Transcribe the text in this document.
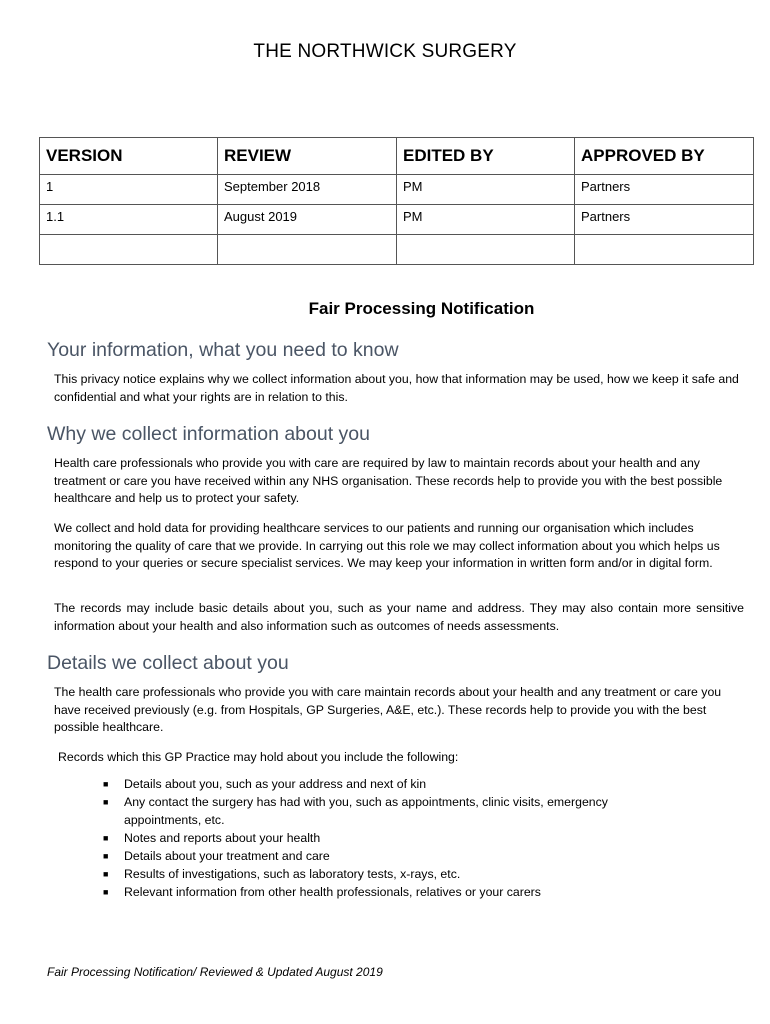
THE NORTHWICK SURGERY
VERSION	REVIEW	EDITED BY	APPROVED BY
1	September 2018	PM	Partners
1.1	August 2019	PM	Partners

Fair Processing Notification
Your information, what you need to know

This privacy notice explains why we collect information about you, how that information may be used, how we keep it safe and confidential and what your rights are in relation to this.

Why we collect information about you

Health care professionals who provide you with care are required by law to maintain records about your health and any treatment or care you have received within any NHS organisation. These records help to provide you with the best possible healthcare and help us to protect your safety.

We collect and hold data for providing healthcare services to our patients and running our organisation which includes monitoring the quality of care that we provide. In carrying out this role we may collect information about you which helps us respond to your queries or secure specialist services. We may keep your information in written form and/or in digital form.

The records may include basic details about you, such as your name and address. They may also contain more sensitive information about your health and also information such as outcomes of needs assessments.

Details we collect about you

The health care professionals who provide you with care maintain records about your health and any treatment or care you have received previously (e.g. from Hospitals, GP Surgeries, A&E, etc.). These records help to provide you with the best possible healthcare.

Records which this GP Practice may hold about you include the following:

■ Details about you, such as your address and next of kin
■ Any contact the surgery has had with you, such as appointments, clinic visits, emergency appointments, etc.
■ Notes and reports about your health
■ Details about your treatment and care
■ Results of investigations, such as laboratory tests, x-rays, etc.
■ Relevant information from other health professionals, relatives or your carers
Fair Processing Notification/ Reviewed & Updated August 2019
